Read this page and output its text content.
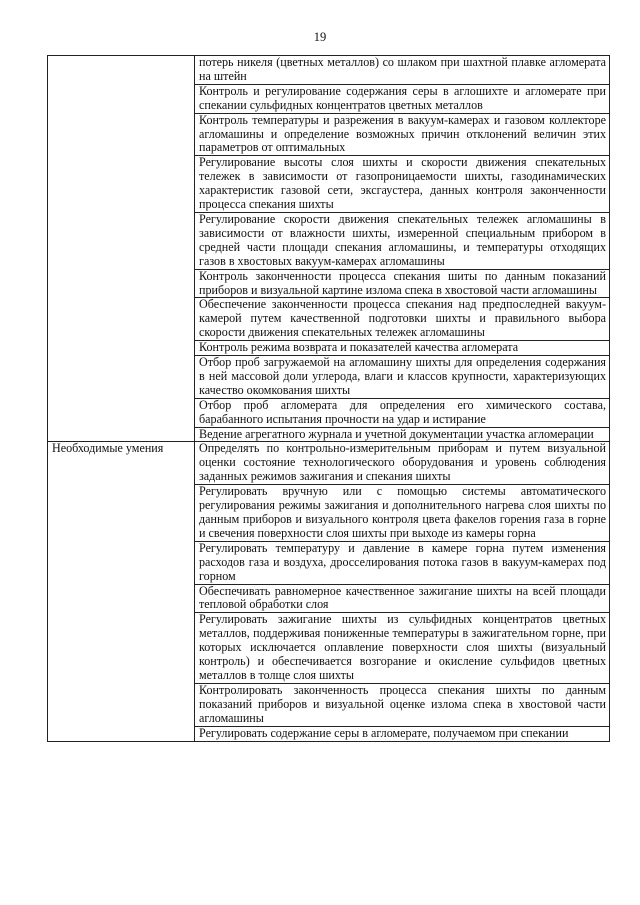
19
	потерь никеля (цветных металлов) со шлаком при шахтной плавке агломерата на штейн
	Контроль и регулирование содержания серы в аглошихте и агломерате при спекании сульфидных концентратов цветных металлов
	Контроль температуры и разрежения в вакуум-камерах и газовом коллекторе агломашины и определение возможных причин отклонений величин этих параметров от оптимальных
	Регулирование высоты слоя шихты и скорости движения спекательных тележек в зависимости от газопроницаемости шихты, газодинамических характеристик газовой сети, эксгаустера, данных контроля законченности процесса спекания шихты
	Регулирование скорости движения спекательных тележек агломашины в зависимости от влажности шихты, измеренной специальным прибором в средней части площади спекания агломашины, и температуры отходящих газов в хвостовых вакуум-камерах агломашины
	Контроль законченности процесса спекания шиты по данным показаний приборов и визуальной картине излома спека в хвостовой части агломашины
	Обеспечение законченности процесса спекания над предпоследней вакуум-камерой путем качественной подготовки шихты и правильного выбора скорости движения спекательных тележек агломашины
	Контроль режима возврата и показателей качества агломерата
	Отбор проб загружаемой на агломашину шихты для определения содержания в ней массовой доли углерода, влаги и классов крупности, характеризующих качество окомкования шихты
	Отбор проб агломерата для определения его химического состава, барабанного испытания прочности на удар и истирание
	Ведение агрегатного журнала и учетной документации участка агломерации
Необходимые умения	Определять по контрольно-измерительным приборам и путем визуальной оценки состояние технологического оборудования и уровень соблюдения заданных режимов зажигания и спекания шихты
	Регулировать вручную или с помощью системы автоматического регулирования режимы зажигания и дополнительного нагрева слоя шихты по данным приборов и визуального контроля цвета факелов горения газа в горне и свечения поверхности слоя шихты при выходе из камеры горна
	Регулировать температуру и давление в камере горна путем изменения расходов газа и воздуха, дросселирования потока газов в вакуум-камерах под горном
	Обеспечивать равномерное качественное зажигание шихты на всей площади тепловой обработки слоя
	Регулировать зажигание шихты из сульфидных концентратов цветных металлов, поддерживая пониженные температуры в зажигательном горне, при которых исключается оплавление поверхности слоя шихты (визуальный контроль) и обеспечивается возгорание и окисление сульфидов цветных металлов в толще слоя шихты
	Контролировать законченность процесса спекания шихты по данным показаний приборов и визуальной оценке излома спека в хвостовой части агломашины
	Регулировать содержание серы в агломерате, получаемом при спекании
